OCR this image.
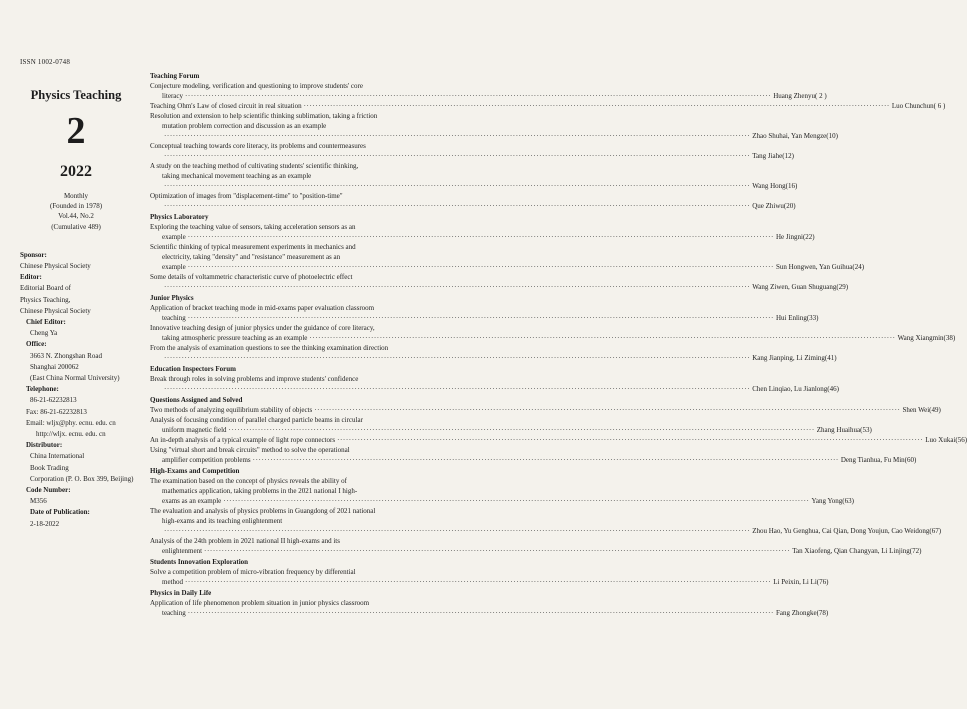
ISSN 1002-0748
Physics Teaching
2
2022
Monthly
(Founded in 1978)
Vol.44, No.2
(Cumulative 489)
Sponsor:
Chinese Physical Society
Editor:
Editorial Board of
Physics Teaching,
Chinese Physical Society
Chief Editor:
Cheng Ya
Office:
3663 N. Zhongshan Road
Shanghai 200062
(East China Normal University)
Telephone:
86-21-62232813
Fax: 86-21-62232813
Email: wljx@phy. ecnu. edu. cn
http://wljx. ecnu. edu. cn
Distributor:
China International
Book Trading
Corporation (P. O. Box 399, Beijing)
Code Number:
M356
Date of Publication:
2-18-2022
Teaching Forum
Conjecture modeling, verification and questioning to improve students' core
literacy ········································································································································································································ Huang Zhenyu( 2 )
Teaching Ohm's Law of closed circuit in real situation ········································································································································································································ Luo Chunchun( 6 )
Resolution and extension to help scientific thinking sublimation, taking a friction
mutation problem correction and discussion as an example
········································································································································································································ Zhao Shuhai, Yan Mengze(10)
Conceptual teaching towards core literacy, its problems and countermeasures
········································································································································································································ Tang Jiahe(12)
A study on the teaching method of cultivating students' scientific thinking,
taking mechanical movement teaching as an example
········································································································································································································ Wang Hong(16)
Optimization of images from "displacement-time" to "position-time"
········································································································································································································ Que Zhiwu(20)
Physics Laboratory
Exploring the teaching value of sensors, taking acceleration sensors as an
example ········································································································································································································ He Jingni(22)
Scientific thinking of typical measurement experiments in mechanics and
electricity, taking "density" and "resistance" measurement as an
example ········································································································································································································ Sun Hongwen, Yan Guihua(24)
Some details of voltammetric characteristic curve of photoelectric effect
········································································································································································································ Wang Ziwen, Guan Shuguang(29)
Junior Physics
Application of bracket teaching mode in mid-exams paper evaluation classroom
teaching ········································································································································································································ Hui Enling(33)
Innovative teaching design of junior physics under the guidance of core literacy,
taking atmospheric pressure teaching as an example ········································································································································································································ Wang Xiangmin(38)
From the analysis of examination questions to see the thinking examination direction
········································································································································································································ Kang Jianping, Li Ziming(41)
Education Inspectors Forum
Break through roles in solving problems and improve students' confidence
········································································································································································································ Chen Linqiao, Lu Jianlong(46)
Questions Assigned and Solved
Two methods of analyzing equilibrium stability of objects ········································································································································································································ Shen Wei(49)
Analysis of focusing condition of parallel charged particle beams in circular
uniform magnetic field ········································································································································································································ Zhang Huaihua(53)
An in-depth analysis of a typical example of light rope connectors ········································································································································································································ Luo Xukai(56)
Using "virtual short and break circuits" method to solve the operational
amplifier competition problems ········································································································································································································ Deng Tianhua, Fu Min(60)
High-Exams and Competition
The examination based on the concept of physics reveals the ability of
mathematics application, taking problems in the 2021 national I high-
exams as an example ········································································································································································································ Yang Yong(63)
The evaluation and analysis of physics problems in Guangdong of 2021 national
high-exams and its teaching enlightenment
········································································································································································································ Zhou Hao, Yu Genghua, Cai Qian, Dong Youjun, Cao Weidong(67)
Analysis of the 24th problem in 2021 national II high-exams and its
enlightenment ········································································································································································································ Tan Xiaofeng, Qian Changyan, Li Linjing(72)
Students Innovation Exploration
Solve a competition problem of micro-vibration frequency by differential
method ········································································································································································································ Li Peixin, Li Li(76)
Physics in Daily Life
Application of life phenomenon problem situation in junior physics classroom
teaching ········································································································································································································ Fang Zhongke(78)
